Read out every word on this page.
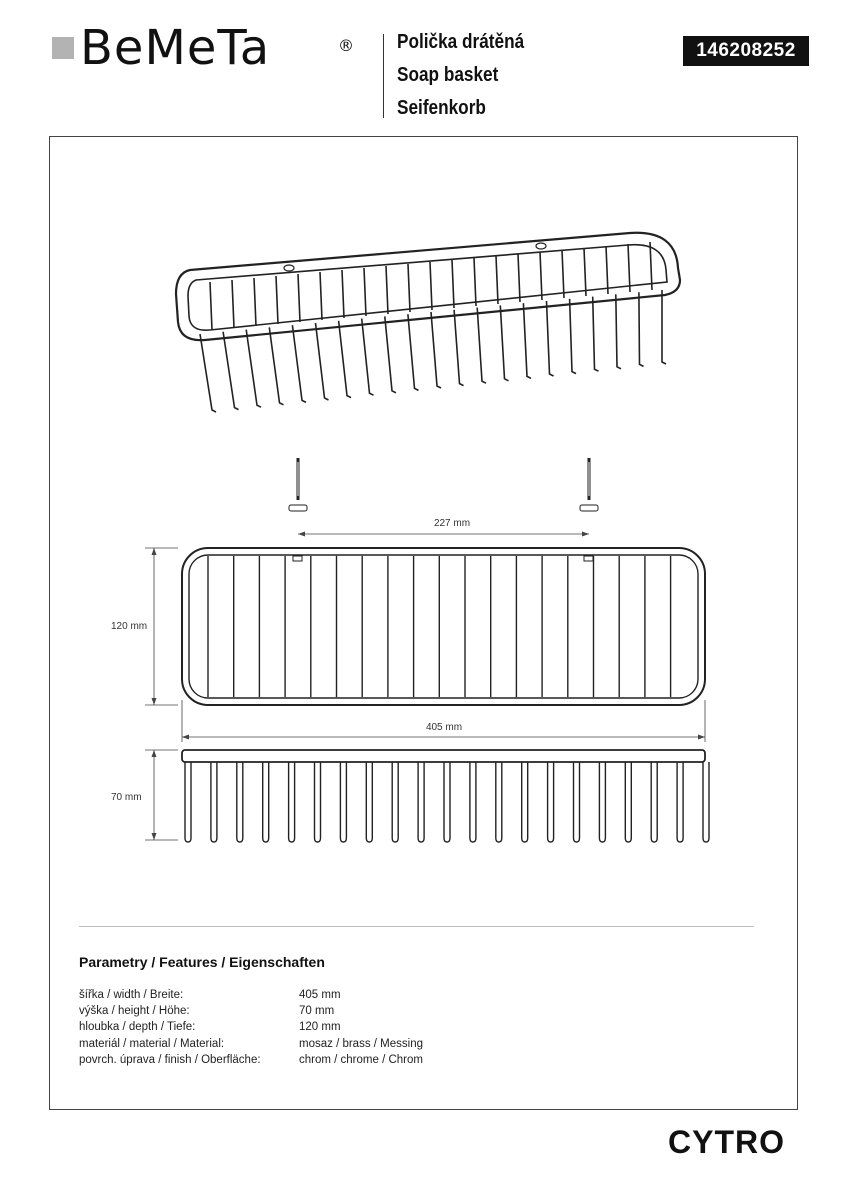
BeMeTa	® Polička drátěná
Soap basket
Seifenkorb
146208252
227 mm
120 mm
405 mm
70 mm
Parametry / Features / Eigenschaften
šířka / width / Breite:	405 mm
výška / height / Höhe:	70 mm
hloubka / depth / Tiefe:	120 mm
materiál / material / Material:	mosaz / brass / Messing
povrch. úprava / finish / Oberfläche:	chrom / chrome / Chrom
CYTRO
